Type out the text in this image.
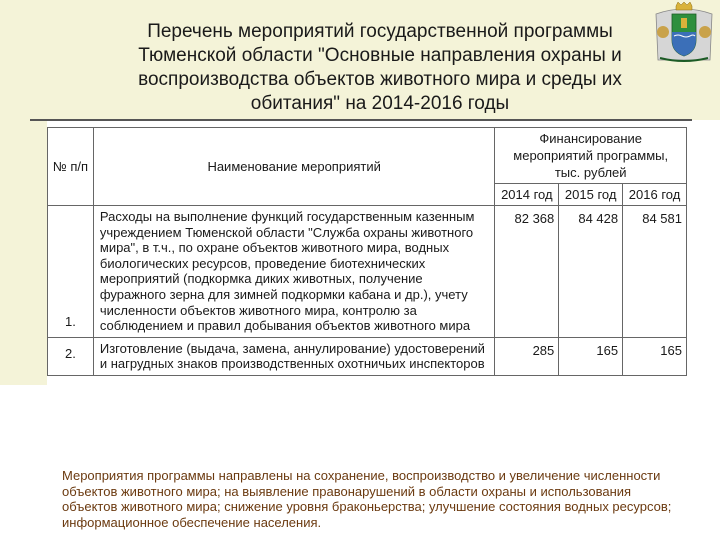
Перечень мероприятий государственной программы Тюменской области "Основные направления охраны и воспроизводства объектов животного мира и среды их обитания" на 2014-2016 годы
№ п/п	Наименование мероприятий	Финансирование мероприятий программы, тыс. рублей		
		2014 год	2015 год	2016 год
1.	Расходы на выполнение функций государственным казенным учреждением Тюменской области "Служба охраны животного мира", в т.ч., по охране объектов животного мира, водных биологических ресурсов, проведение биотехнических мероприятий (подкормка диких животных, получение фуражного зерна для зимней подкормки кабана и др.), учету численности объектов животного мира, контролю за соблюдением и правил добывания объектов животного мира	82 368	84 428	84 581
2.	Изготовление (выдача, замена, аннулирование) удостоверений и нагрудных знаков производственных охотничьих инспекторов	285	165	165

Мероприятия программы направлены на сохранение, воспроизводство и увеличение численности объектов животного мира; на выявление правонарушений в области охраны и использования объектов животного мира; снижение уровня браконьерства; улучшение состояния водных ресурсов; информационное обеспечение населения.
